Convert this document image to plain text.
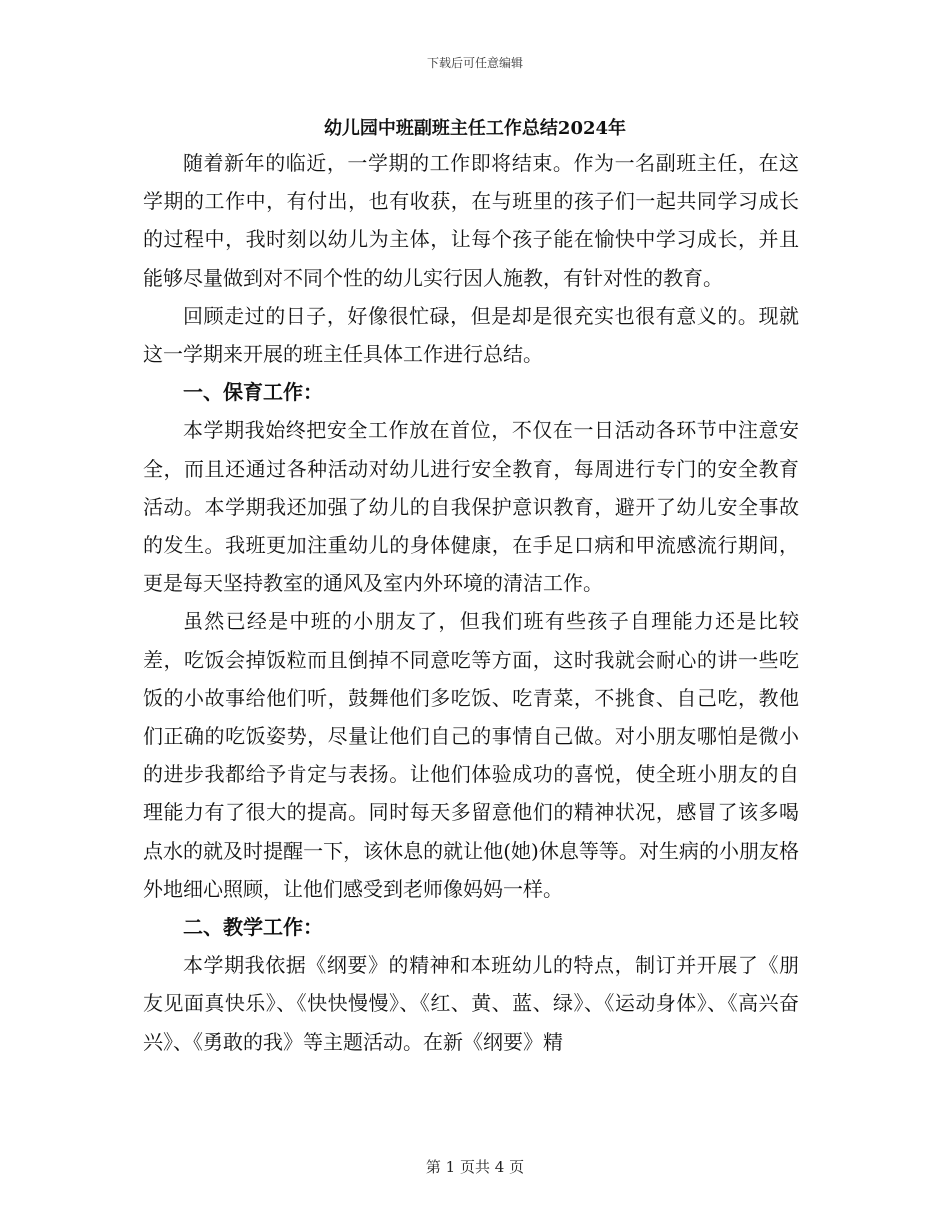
下载后可任意编辑
幼儿园中班副班主任工作总结2024年

随着新年的临近，一学期的工作即将结束。作为一名副班主任，在这学期的工作中，有付出，也有收获，在与班里的孩子们一起共同学习成长的过程中，我时刻以幼儿为主体，让每个孩子能在愉快中学习成长，并且能够尽量做到对不同个性的幼儿实行因人施教，有针对性的教育。

回顾走过的日子，好像很忙碌，但是却是很充实也很有意义的。现就这一学期来开展的班主任具体工作进行总结。

一、保育工作：

本学期我始终把安全工作放在首位，不仅在一日活动各环节中注意安全，而且还通过各种活动对幼儿进行安全教育，每周进行专门的安全教育活动。本学期我还加强了幼儿的自我保护意识教育，避开了幼儿安全事故的发生。我班更加注重幼儿的身体健康，在手足口病和甲流感流行期间，更是每天坚持教室的通风及室内外环境的清洁工作。

虽然已经是中班的小朋友了，但我们班有些孩子自理能力还是比较差，吃饭会掉饭粒而且倒掉不同意吃等方面，这时我就会耐心的讲一些吃饭的小故事给他们听，鼓舞他们多吃饭、吃青菜，不挑食、自己吃，教他们正确的吃饭姿势，尽量让他们自己的事情自己做。对小朋友哪怕是微小的进步我都给予肯定与表扬。让他们体验成功的喜悦，使全班小朋友的自理能力有了很大的提高。同时每天多留意他们的精神状况，感冒了该多喝点水的就及时提醒一下，该休息的就让他(她)休息等等。对生病的小朋友格外地细心照顾，让他们感受到老师像妈妈一样。

二、教学工作：

本学期我依据《纲要》的精神和本班幼儿的特点，制订并开展了《朋友见面真快乐》、《快快慢慢》、《红、黄、蓝、绿》、《运动身体》、《高兴奋兴》、《勇敢的我》等主题活动。在新《纲要》精

第 1 页共 4 页
